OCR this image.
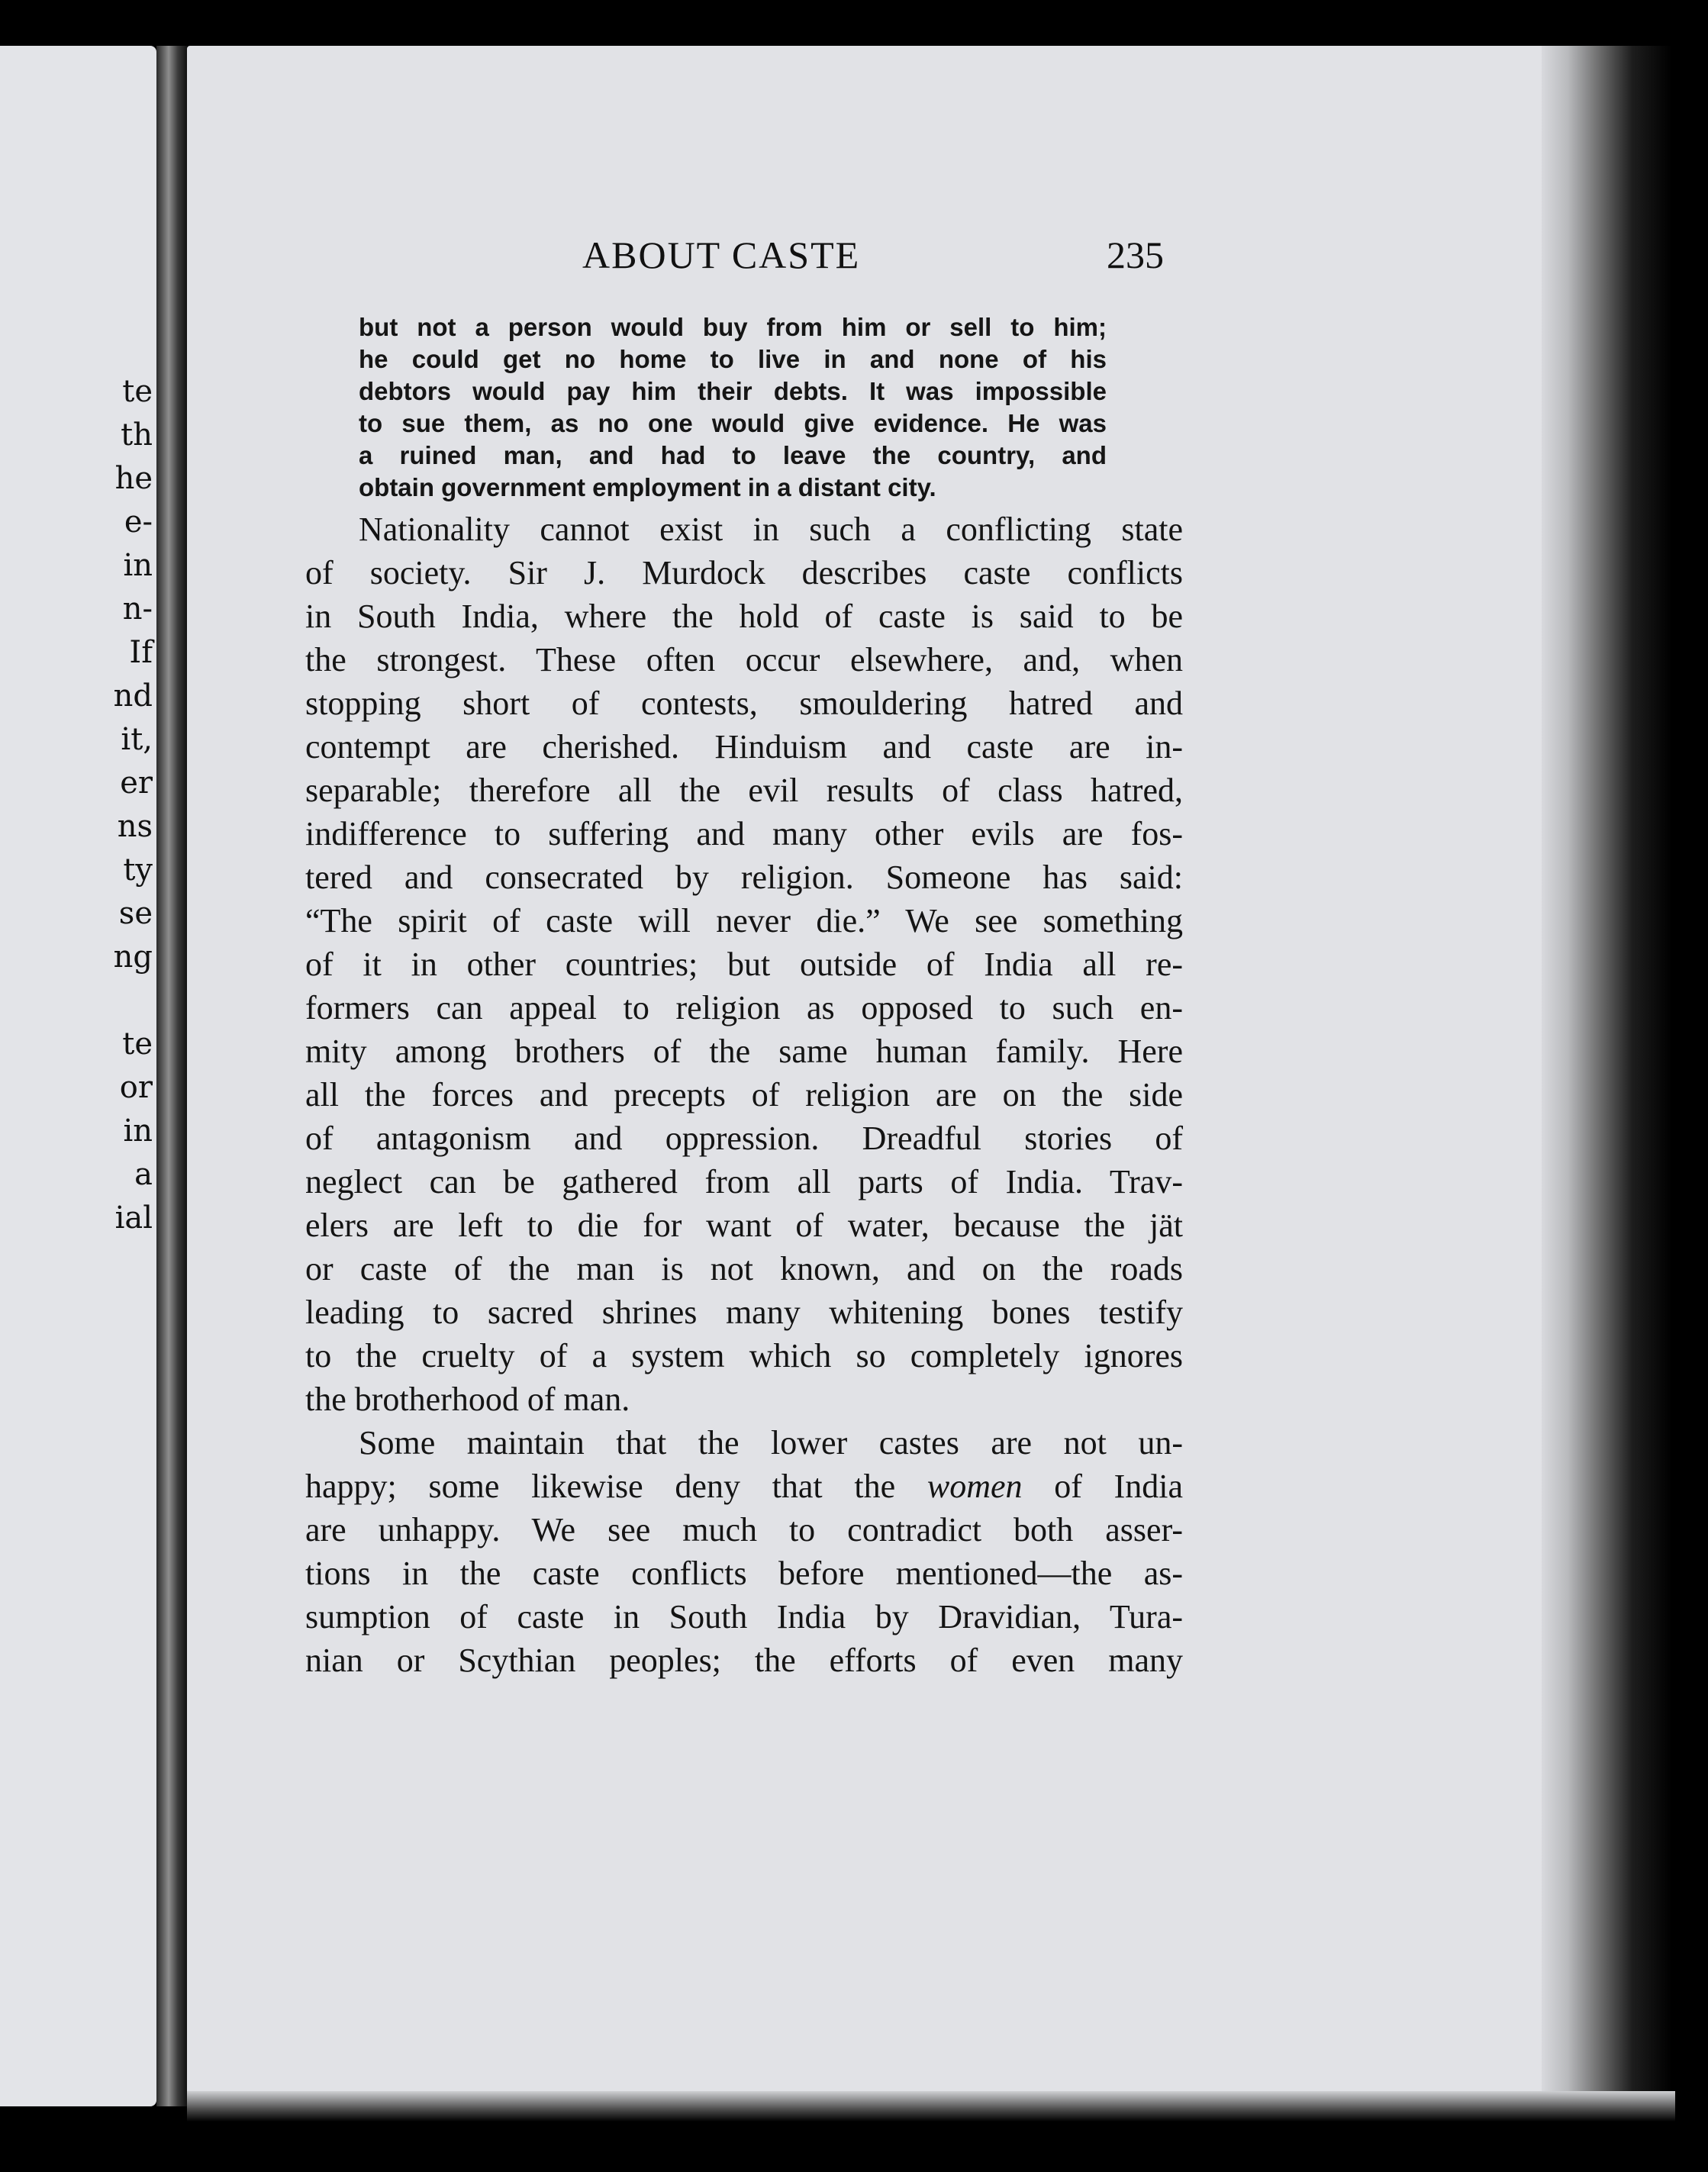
te
th
he
e-
in
n-
If
nd
it,
er
ns
ty
se
ng
te
or
in
a
ial
ABOUT CASTE	235
but not a person would buy from him or sell to him;
he could get no home to live in and none of his
debtors would pay him their debts. It was impossible
to sue them, as no one would give evidence. He was
a ruined man, and had to leave the country, and
obtain government employment in a distant city.
Nationality cannot exist in such a conflicting state
of society. Sir J. Murdock describes caste conflicts
in South India, where the hold of caste is said to be
the strongest. These often occur elsewhere, and, when
stopping short of contests, smouldering hatred and
contempt are cherished. Hinduism and caste are in-
separable; therefore all the evil results of class hatred,
indifference to suffering and many other evils are fos-
tered and consecrated by religion. Someone has said:
“The spirit of caste will never die.” We see something
of it in other countries; but outside of India all re-
formers can appeal to religion as opposed to such en-
mity among brothers of the same human family. Here
all the forces and precepts of religion are on the side
of antagonism and oppression. Dreadful stories of
neglect can be gathered from all parts of India. Trav-
elers are left to die for want of water, because the jät
or caste of the man is not known, and on the roads
leading to sacred shrines many whitening bones testify
to the cruelty of a system which so completely ignores
the brotherhood of man.
Some maintain that the lower castes are not un-
happy; some likewise deny that the women of India
are unhappy. We see much to contradict both asser-
tions in the caste conflicts before mentioned—the as-
sumption of caste in South India by Dravidian, Tura-
nian or Scythian peoples; the efforts of even many
